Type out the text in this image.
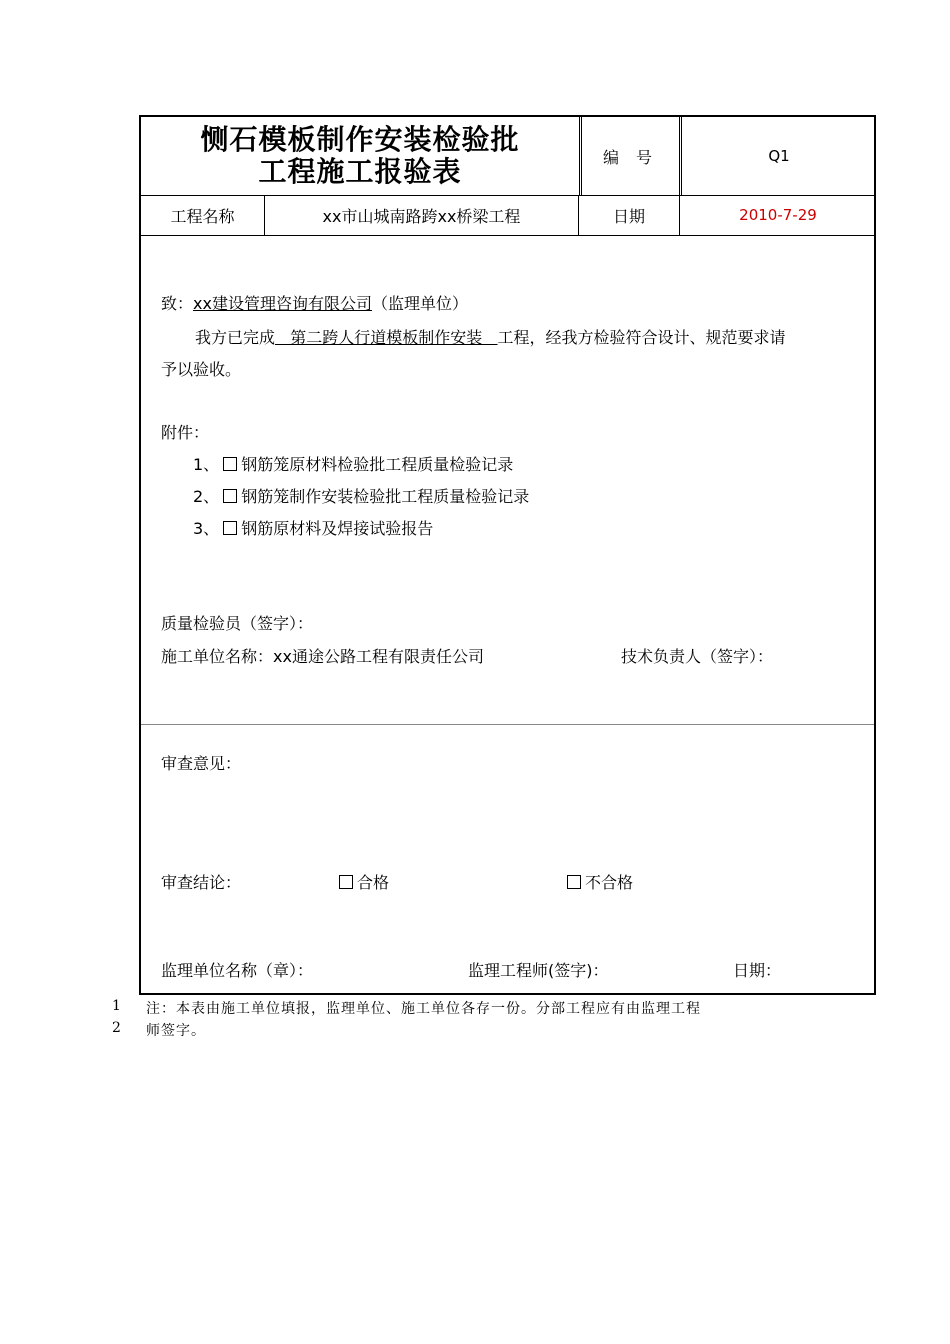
恻石模板制作安装检验批
工程施工报验表	编 号	Q1
工程名称	xx市山城南路跨xx桥梁工程	日期	2010-7-29
致：xx建设管理咨询有限公司（监理单位）
我方已完成   第二跨人行道模板制作安装   工程，经我方检验符合设计、规范要求请
予以验收。
附件：
1、 钢筋笼原材料检验批工程质量检验记录
2、 钢筋笼制作安装检验批工程质量检验记录
3、 钢筋原材料及焊接试验报告
质量检验员（签字）：
施工单位名称：xx通途公路工程有限责任公司	技术负责人（签字）：
审查意见：
审查结论：	合格	不合格
监理单位名称（章）：	监理工程师(签字)：	日期：
1 注：本表由施工单位填报，监理单位、施工单位各存一份。分部工程应有由监理工程
2 师签字。
